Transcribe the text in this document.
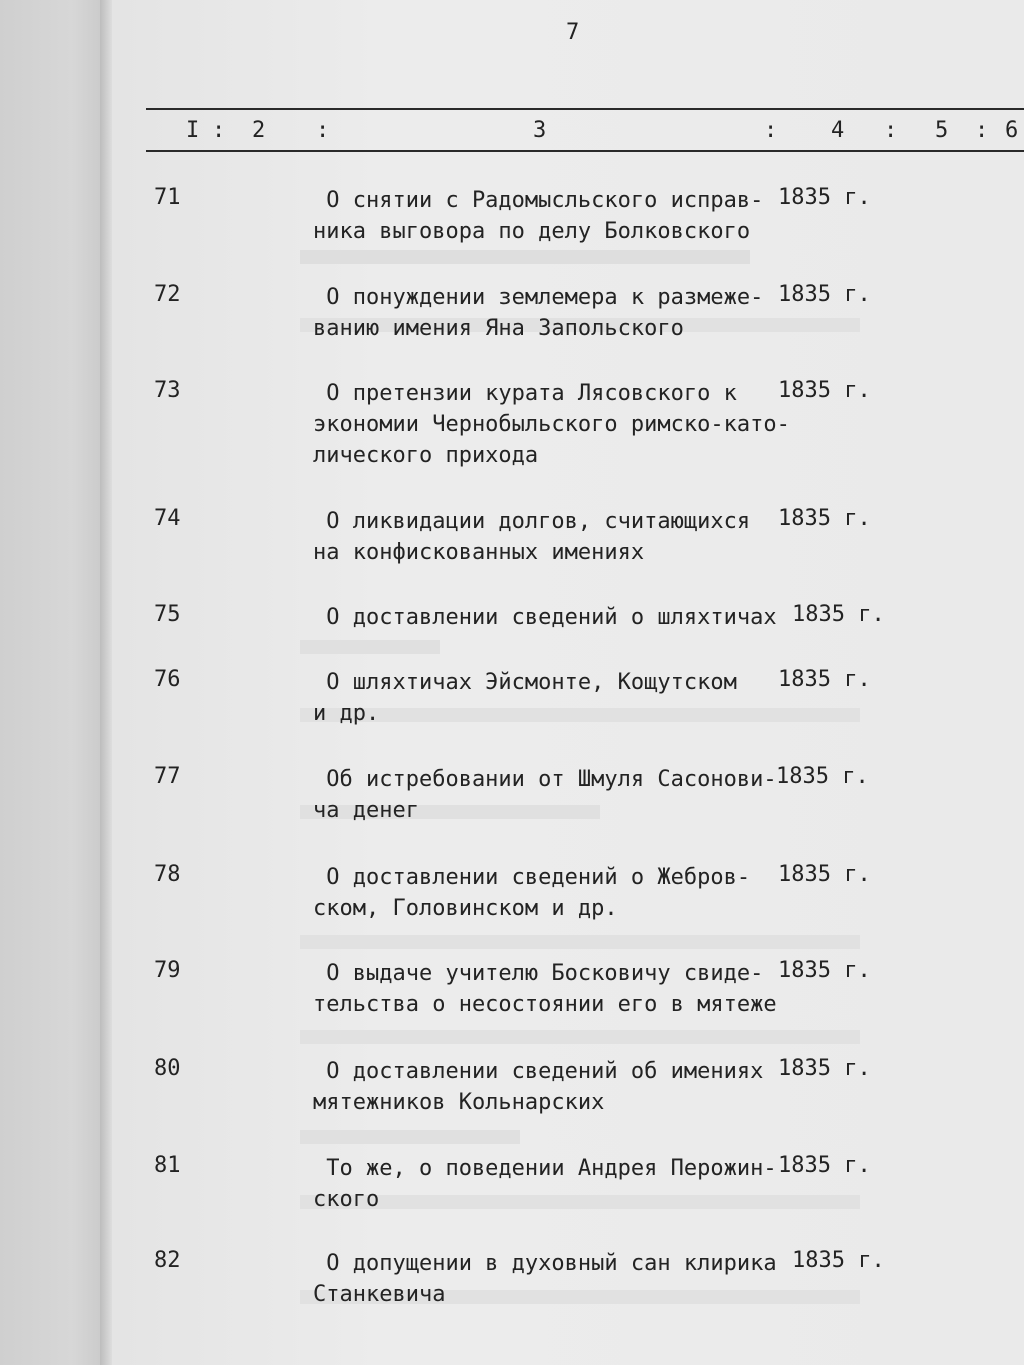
7
I : 2 :	3	: 4 : 5 : 6
71	О снятии с Радомысльского исправ-
ника выговора по делу Болковского
1835 г.
72	О понуждении землемера к размеже-
ванию имения Яна Запольского
1835 г.
73	О претензии курата Лясовского к
экономии Чернобыльского римско-като-
лического прихода
1835 г.
74	О ликвидации долгов, считающихся
на конфискованных имениях
1835 г.
75	О доставлении сведений о шляхтичах 1835 г.
76	О шляхтичах Эйсмонте, Кощутском
и др.
1835 г.
77	Об истребовании от Шмуля Сасонови-
ча денег
1835 г.
78	О доставлении сведений о Жебров-
ском, Головинском и др.
1835 г.
79	О выдаче учителю Босковичу свиде-
тельства о несостоянии его в мятеже
1835 г.
80	О доставлении сведений об имениях
мятежников Кольнарских
1835 г.
81	То же, о поведении Андрея Перожин-
ского
1835 г.
82	О допущении в духовный сан клирика
Станкевича
1835 г.
